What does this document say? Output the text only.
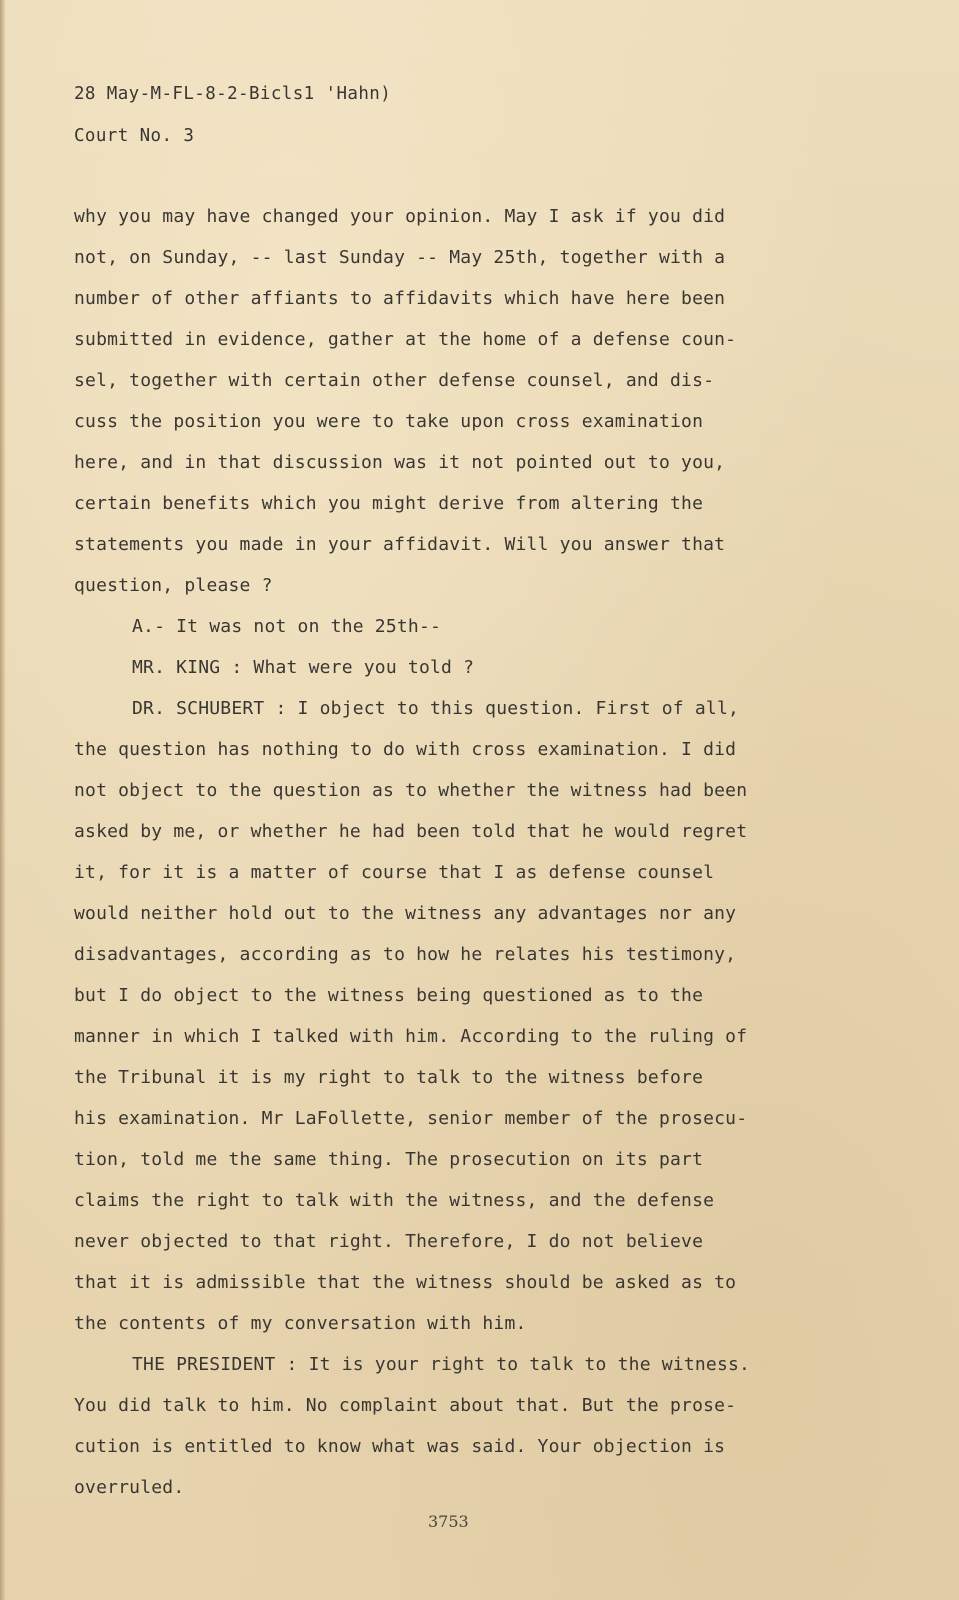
28 May-M-FL-8-2-Bicls1 'Hahn)
Court No. 3
why you may have changed your opinion. May I ask if you did
not, on Sunday, -- last Sunday -- May 25th, together with a
number of other affiants to affidavits which have here been
submitted in evidence, gather at the home of a defense coun-
sel, together with certain other defense counsel, and dis-
cuss the position you were to take upon cross examination
here, and in that discussion was it not pointed out to you,
certain benefits which you might derive from altering the
statements you made in your affidavit. Will you answer that
question, please ?
A.- It was not on the 25th--
MR. KING : What were you told ?
DR. SCHUBERT : I object to this question. First of all,
the question has nothing to do with cross examination. I did
not object to the question as to whether the witness had been
asked by me, or whether he had been told that he would regret
it, for it is a matter of course that I as defense counsel
would neither hold out to the witness any advantages nor any
disadvantages, according as to how he relates his testimony,
but I do object to the witness being questioned as to the
manner in which I talked with him. According to the ruling of
the Tribunal it is my right to talk to the witness before
his examination. Mr LaFollette, senior member of the prosecu-
tion, told me the same thing. The prosecution on its part
claims the right to talk with the witness, and the defense
never objected to that right. Therefore, I do not believe
that it is admissible that the witness should be asked as to
the contents of my conversation with him.
THE PRESIDENT : It is your right to talk to the witness.
You did talk to him. No complaint about that. But the prose-
cution is entitled to know what was said. Your objection is
overruled.
3753
